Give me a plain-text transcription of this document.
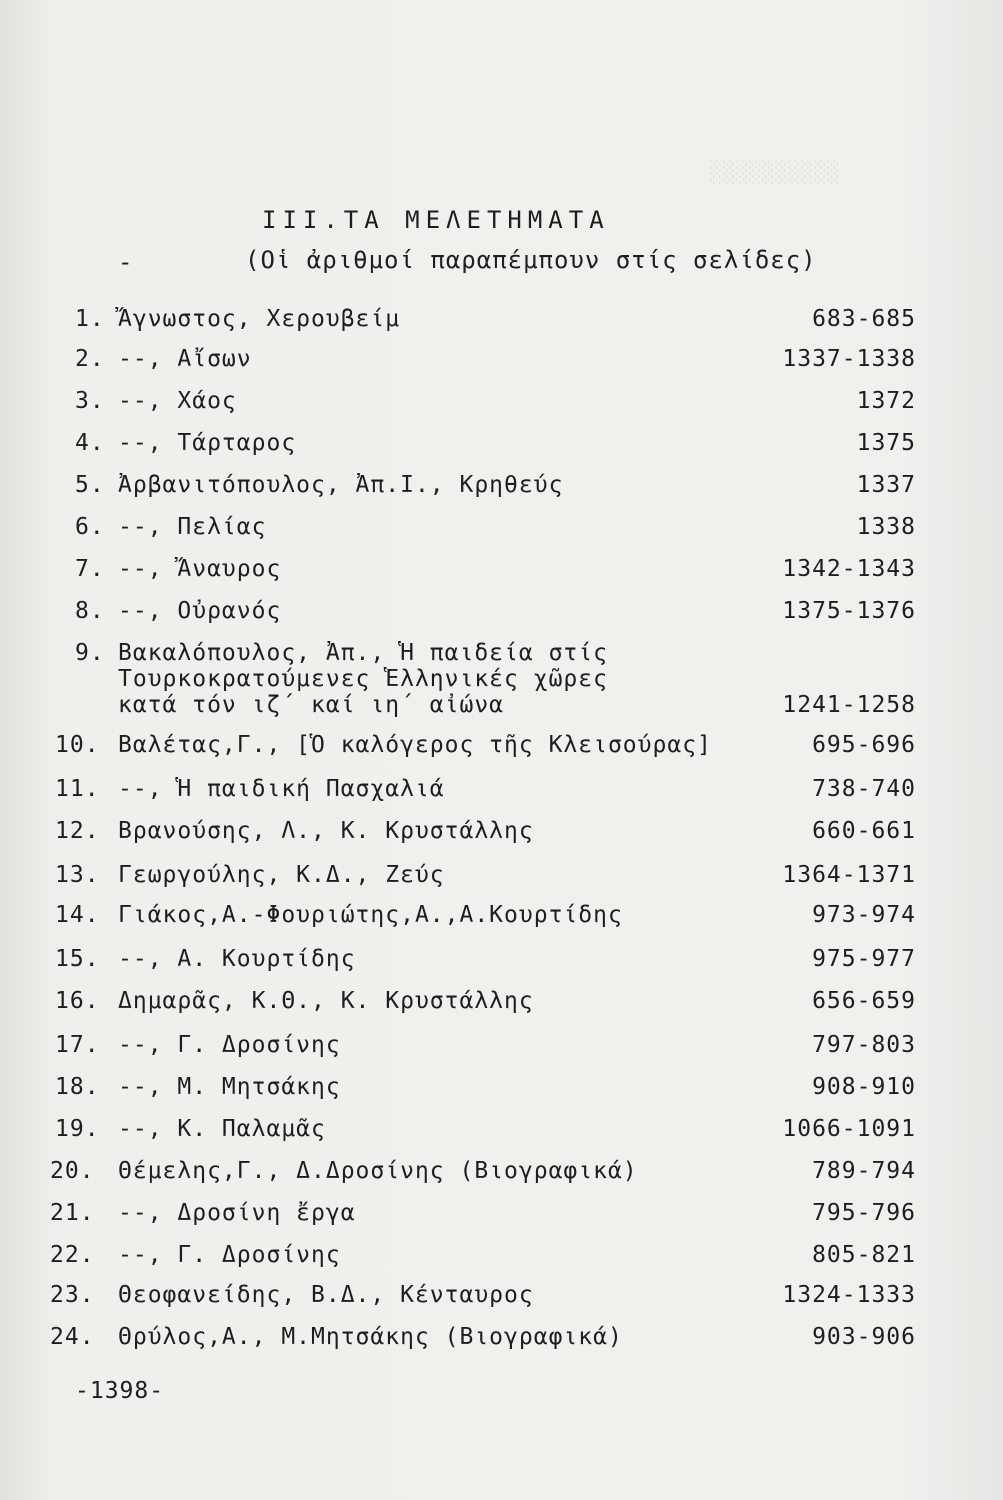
░░░░░░░░░░
-
III.ΤΑ ΜΕΛΕΤΗΜΑΤΑ
(Οἱ ἀριθμοί παραπέμπουν στίς σελίδες)
1. Ἄγνωστος, Χερουβείμ	683-685
2. --, Αἴσων	1337-1338
3. --, Χάος	1372
4. --, Τάρταρος	1375
5. Ἀρβανιτόπουλος, Ἀπ.Ι., Κρηθεύς	1337
6. --, Πελίας	1338
7. --, Ἄναυρος	1342-1343
8. --, Οὐρανός	1375-1376
9. Βακαλόπουλος, Ἀπ., Ἡ παιδεία στίς
Τουρκοκρατούμενες Ἑλληνικές χῶρες
κατά τόν ιζ΄ καί ιη΄ αἰώνα	1241-1258
10. Βαλέτας,Γ., [Ὁ καλόγερος τῆς Κλεισούρας]	695-696
11. --, Ἡ παιδική Πασχαλιά	738-740
12. Βρανούσης, Λ., Κ. Κρυστάλλης	660-661
13. Γεωργούλης, Κ.Δ., Ζεύς	1364-1371
14. Γιάκος,Α.-Φουριώτης,Α.,Α.Κουρτίδης	973-974
15. --, Α. Κουρτίδης	975-977
16. Δημαρᾶς, Κ.Θ., Κ. Κρυστάλλης	656-659
17. --, Γ. Δροσίνης	797-803
18. --, Μ. Μητσάκης	908-910
19. --, Κ. Παλαμᾶς	1066-1091
20. Θέμελης,Γ., Δ.Δροσίνης (Βιογραφικά)	789-794
21. --, Δροσίνη ἔργα	795-796
22. --, Γ. Δροσίνης	805-821
23. Θεοφανείδης, Β.Δ., Κένταυρος	1324-1333
24. Θρύλος,Α., Μ.Μητσάκης (Βιογραφικά)	903-906
-1398-
